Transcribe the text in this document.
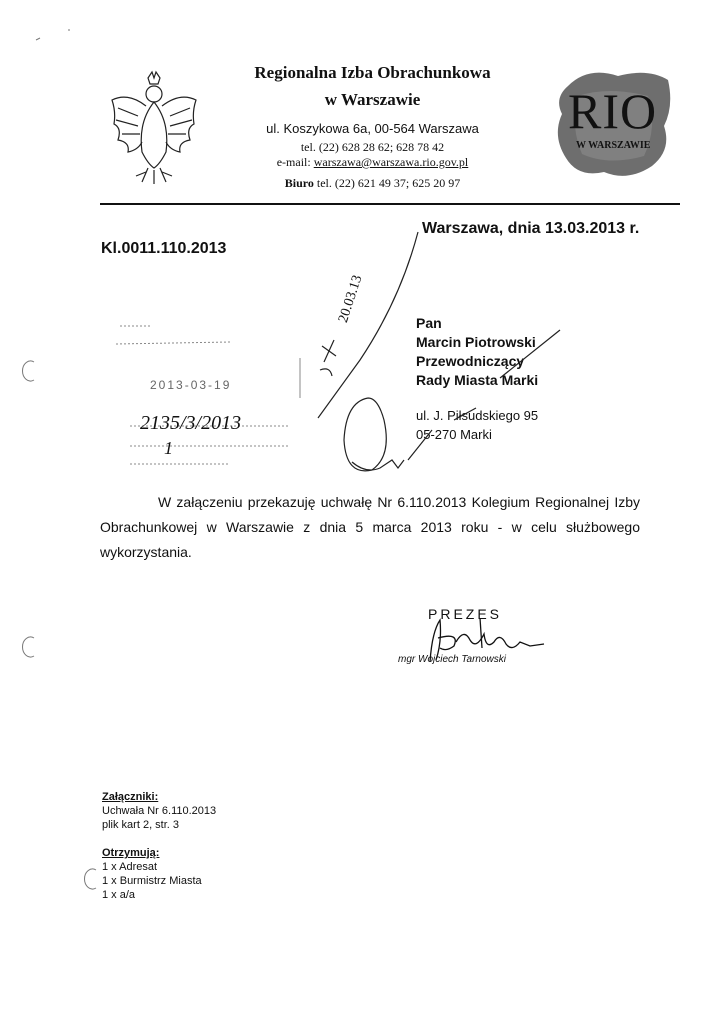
Regionalna Izba Obrachunkowa
w Warszawie
ul. Koszykowa 6a, 00-564 Warszawa
tel. (22) 628 28 62; 628 78 42
e-mail: warszawa@warszawa.rio.gov.pl
Biuro tel. (22) 621 49 37; 625 20 97
RIO
W WARSZAWIE
Kl.0011.110.2013
Warszawa, dnia 13.03.2013 r.
Pan
Marcin Piotrowski
Przewodniczący
Rady Miasta Marki
ul. J. Piłsudskiego 95
05-270 Marki
20.03.13
2013-03-19
2135/3/2013
1
W załączeniu przekazuję uchwałę Nr 6.110.2013 Kolegium Regionalnej Izby Obrachunkowej w Warszawie z dnia 5 marca 2013 roku - w celu służbowego wykorzystania.
PREZES
mgr Wojciech Tarnowski
Załączniki:
Uchwała Nr 6.110.2013
plik kart 2, str. 3
Otrzymują:
1 x Adresat
1 x Burmistrz Miasta
1 x a/a
